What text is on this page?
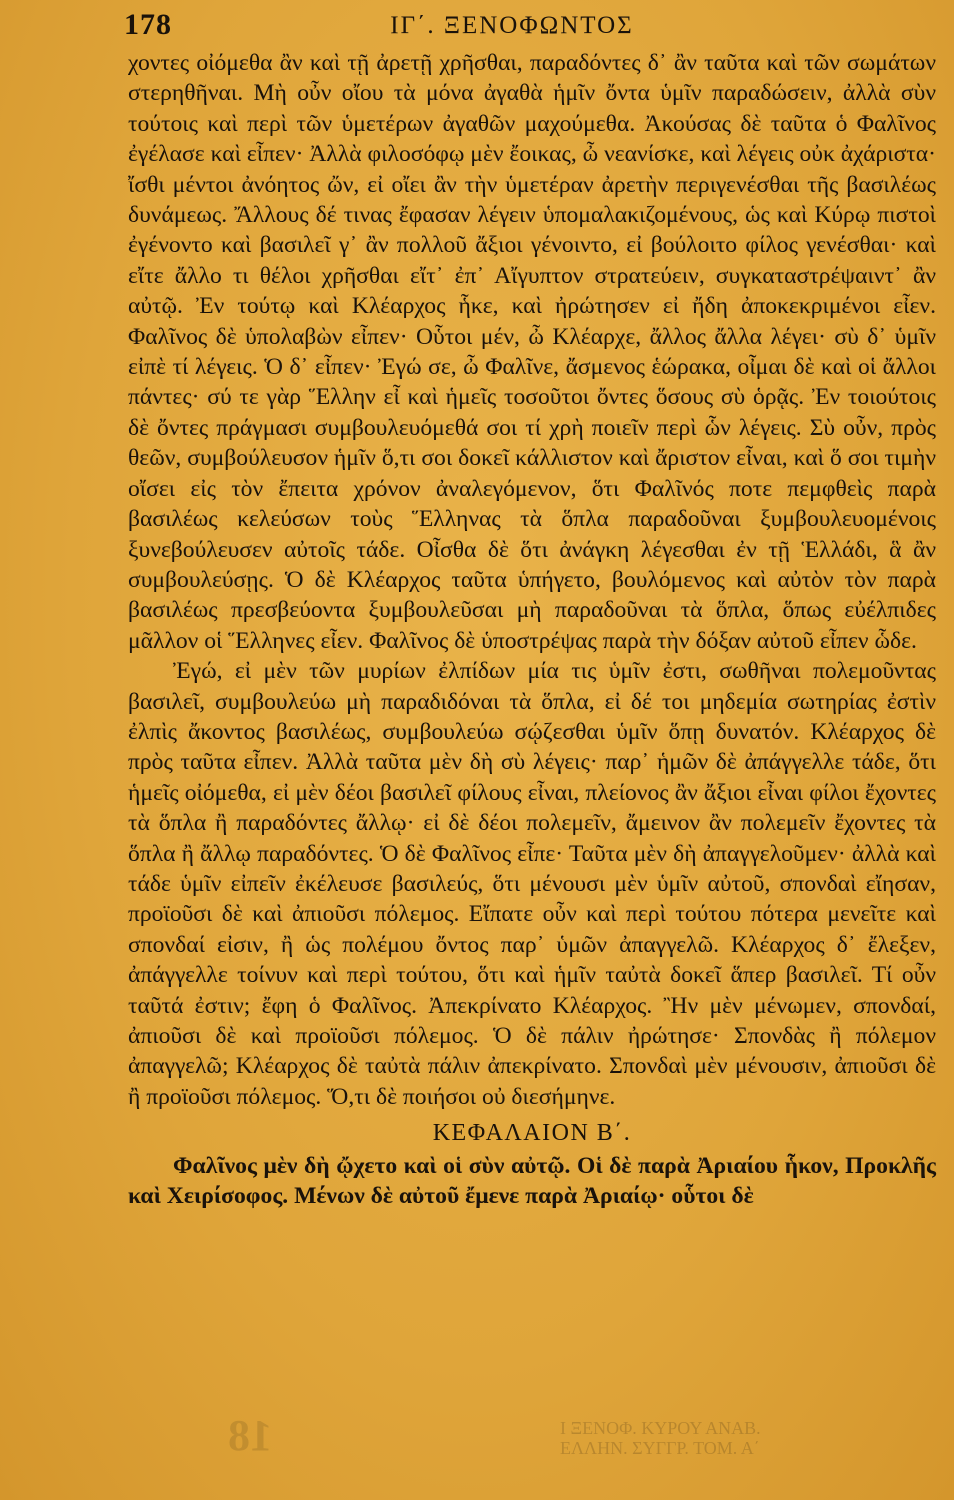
178	ΙΓ΄. ΞΕΝΟΦΩΝΤΟΣ

χοντες οἰόμεθα ἂν καὶ τῇ ἀρετῇ χρῆσθαι, παραδόντες δ᾽ ἂν ταῦτα καὶ τῶν σωμάτων στερηθῆναι. Μὴ οὖν οἴου τὰ μόνα ἀγαθὰ ἡμῖν ὄντα ὑμῖν παραδώσειν, ἀλλὰ σὺν τούτοις καὶ περὶ τῶν ὑμετέρων ἀγαθῶν μαχούμεθα. Ἀκούσας δὲ ταῦτα ὁ Φαλῖνος ἐγέλασε καὶ εἶπεν· Ἀλλὰ φιλοσόφῳ μὲν ἔοικας, ὦ νεανίσκε, καὶ λέγεις οὐκ ἀχάριστα· ἴσθι μέντοι ἀνόητος ὤν, εἰ οἴει ἂν τὴν ὑμετέραν ἀρετὴν περιγενέσθαι τῆς βασιλέως δυνάμεως. Ἄλλους δέ τινας ἔφασαν λέγειν ὑπομαλακιζομένους, ὡς καὶ Κύρῳ πιστοὶ ἐγένοντο καὶ βασιλεῖ γ᾽ ἂν πολλοῦ ἄξιοι γένοιντο, εἰ βούλοιτο φίλος γενέσθαι· καὶ εἴτε ἄλλο τι θέλοι χρῆσθαι εἴτ᾽ ἐπ᾽ Αἴγυπτον στρατεύειν, συγκαταστρέψαιντ᾽ ἂν αὐτῷ. Ἐν τούτῳ καὶ Κλέαρχος ἧκε, καὶ ἠρώτησεν εἰ ἤδη ἀποκεκριμένοι εἶεν. Φαλῖνος δὲ ὑπολαβὼν εἶπεν· Οὗτοι μέν, ὦ Κλέαρχε, ἄλλος ἄλλα λέγει· σὺ δ᾽ ὑμῖν εἰπὲ τί λέγεις. Ὁ δ᾽ εἶπεν· Ἐγώ σε, ὦ Φαλῖνε, ἄσμενος ἑώρακα, οἶμαι δὲ καὶ οἱ ἄλλοι πάντες· σύ τε γὰρ Ἕλλην εἶ καὶ ἡμεῖς τοσοῦτοι ὄντες ὅσους σὺ ὁρᾷς. Ἐν τοιούτοις δὲ ὄντες πράγμασι συμβουλευόμεθά σοι τί χρὴ ποιεῖν περὶ ὧν λέγεις. Σὺ οὖν, πρὸς θεῶν, συμβούλευσον ἡμῖν ὅ,τι σοι δοκεῖ κάλλιστον καὶ ἄριστον εἶναι, καὶ ὅ σοι τιμὴν οἴσει εἰς τὸν ἔπειτα χρόνον ἀναλεγόμενον, ὅτι Φαλῖνός ποτε πεμφθεὶς παρὰ βασιλέως κελεύσων τοὺς Ἕλληνας τὰ ὅπλα παραδοῦναι ξυμβουλευομένοις ξυνεβούλευσεν αὐτοῖς τάδε. Οἶσθα δὲ ὅτι ἀνάγκη λέγεσθαι ἐν τῇ Ἑλλάδι, ἃ ἂν συμβουλεύσῃς. Ὁ δὲ Κλέαρχος ταῦτα ὑπήγετο, βουλόμενος καὶ αὐτὸν τὸν παρὰ βασιλέως πρεσβεύοντα ξυμβουλεῦσαι μὴ παραδοῦναι τὰ ὅπλα, ὅπως εὐέλπιδες μᾶλλον οἱ Ἕλληνες εἶεν. Φαλῖνος δὲ ὑποστρέψας παρὰ τὴν δόξαν αὐτοῦ εἶπεν ὧδε.

Ἐγώ, εἰ μὲν τῶν μυρίων ἐλπίδων μία τις ὑμῖν ἐστι, σωθῆναι πολεμοῦντας βασιλεῖ, συμβουλεύω μὴ παραδιδόναι τὰ ὅπλα, εἰ δέ τοι μηδεμία σωτηρίας ἐστὶν ἐλπὶς ἄκοντος βασιλέως, συμβουλεύω σῴζεσθαι ὑμῖν ὅπῃ δυνατόν. Κλέαρχος δὲ πρὸς ταῦτα εἶπεν. Ἀλλὰ ταῦτα μὲν δὴ σὺ λέγεις· παρ᾽ ἡμῶν δὲ ἀπάγγελλε τάδε, ὅτι ἡμεῖς οἰόμεθα, εἰ μὲν δέοι βασιλεῖ φίλους εἶναι, πλείονος ἂν ἄξιοι εἶναι φίλοι ἔχοντες τὰ ὅπλα ἢ παραδόντες ἄλλῳ· εἰ δὲ δέοι πολεμεῖν, ἄμεινον ἂν πολεμεῖν ἔχοντες τὰ ὅπλα ἢ ἄλλῳ παραδόντες. Ὁ δὲ Φαλῖνος εἶπε· Ταῦτα μὲν δὴ ἀπαγγελοῦμεν· ἀλλὰ καὶ τάδε ὑμῖν εἰπεῖν ἐκέλευσε βασιλεύς, ὅτι μένουσι μὲν ὑμῖν αὐτοῦ, σπονδαὶ εἴησαν, προϊοῦσι δὲ καὶ ἀπιοῦσι πόλεμος. Εἴπατε οὖν καὶ περὶ τούτου πότερα μενεῖτε καὶ σπονδαί εἰσιν, ἢ ὡς πολέμου ὄντος παρ᾽ ὑμῶν ἀπαγγελῶ. Κλέαρχος δ᾽ ἔλεξεν, ἀπάγγελλε τοίνυν καὶ περὶ τούτου, ὅτι καὶ ἡμῖν ταὐτὰ δοκεῖ ἅπερ βασιλεῖ. Τί οὖν ταῦτά ἐστιν; ἔφη ὁ Φαλῖνος. Ἀπεκρίνατο Κλέαρχος. Ἢν μὲν μένωμεν, σπονδαί, ἀπιοῦσι δὲ καὶ προϊοῦσι πόλεμος. Ὁ δὲ πάλιν ἠρώτησε· Σπονδὰς ἢ πόλεμον ἀπαγγελῶ; Κλέαρχος δὲ ταὐτὰ πάλιν ἀπεκρίνατο. Σπονδαὶ μὲν μένουσιν, ἀπιοῦσι δὲ ἢ προϊοῦσι πόλεμος. Ὅ,τι δὲ ποιήσοι οὐ διεσήμηνε.

ΚΕΦΑΛΑΙΟΝ Β΄.

Φαλῖνος μὲν δὴ ᾤχετο καὶ οἱ σὺν αὐτῷ. Οἱ δὲ παρὰ Ἀριαίου ἧκον, Προκλῆς καὶ Χειρίσοφος. Μένων δὲ αὐτοῦ ἔμενε παρὰ Ἀριαίῳ· οὗτοι δὲ

18	Ι ΞΕΝΟΦ. ΚΥΡΟΥ ΑΝΑΒ.
ΕΛΛΗΝ. ΣΥΓΓΡ. ΤΟΜ. Α΄
